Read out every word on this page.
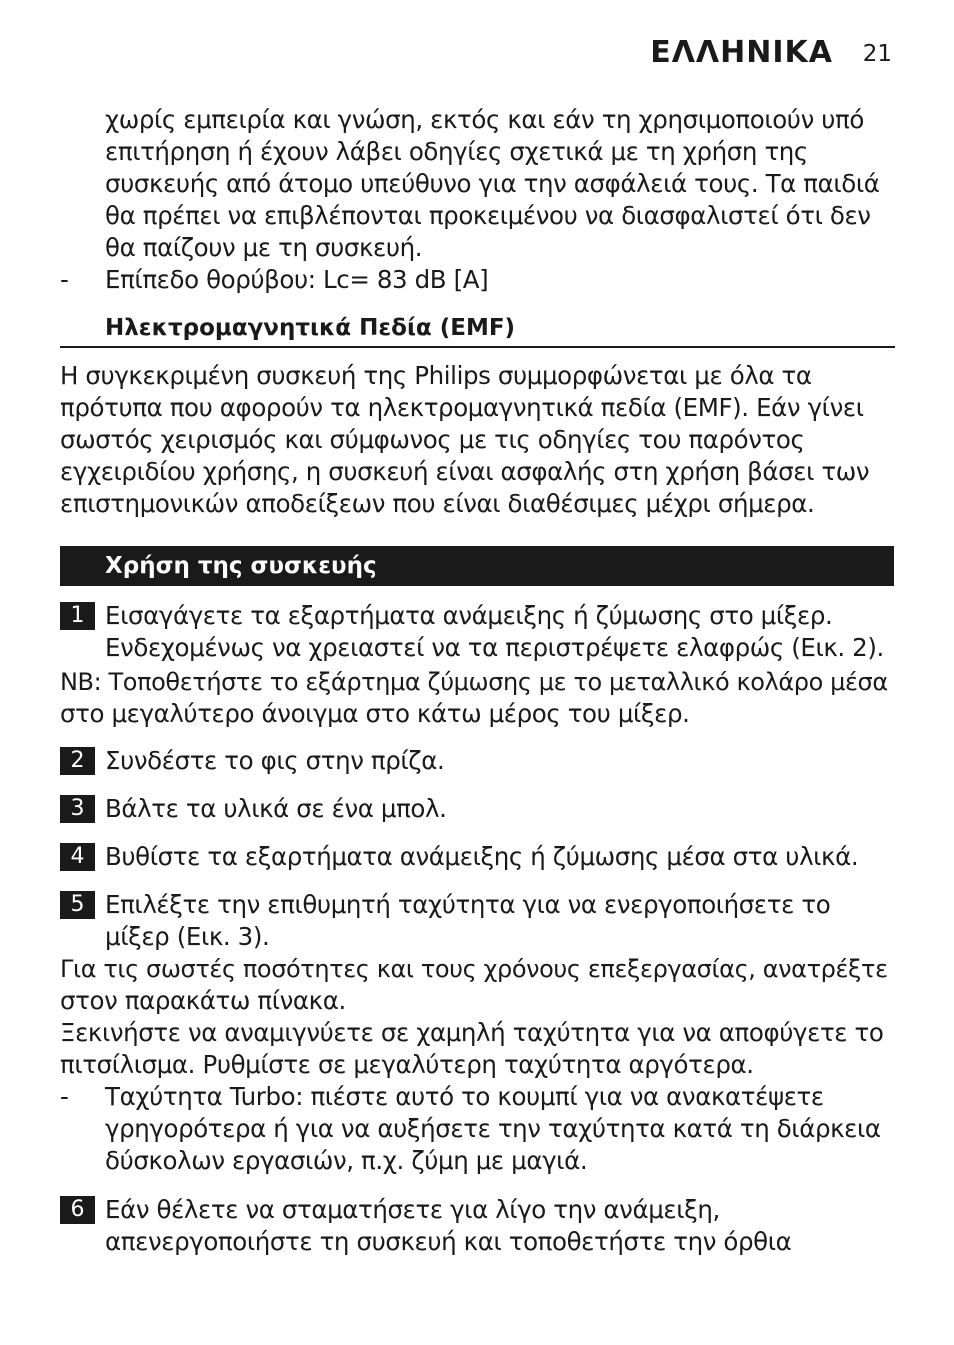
ΕΛΛΗΝΙΚΑ 21
χωρίς εμπειρία και γνώση, εκτός και εάν τη χρησιμοποιούν υπό
επιτήρηση ή έχουν λάβει οδηγίες σχετικά με τη χρήση της
συσκευής από άτομο υπεύθυνο για την ασφάλειά τους. Τα παιδιά
θα πρέπει να επιβλέπονται προκειμένου να διασφαλιστεί ότι δεν
θα παίζουν με τη συσκευή.
- Επίπεδο θορύβου: Lc= 83 dB [A]
Ηλεκτρομαγνητικά Πεδία (EMF)
Η συγκεκριμένη συσκευή της Philips συμμορφώνεται με όλα τα
πρότυπα που αφορούν τα ηλεκτρομαγνητικά πεδία (EMF). Εάν γίνει
σωστός χειρισμός και σύμφωνος με τις οδηγίες του παρόντος
εγχειριδίου χρήσης, η συσκευή είναι ασφαλής στη χρήση βάσει των
επιστημονικών αποδείξεων που είναι διαθέσιμες μέχρι σήμερα.
Χρήση της συσκευής
1 Εισαγάγετε τα εξαρτήματα ανάμειξης ή ζύμωσης στο μίξερ.
Ενδεχομένως να χρειαστεί να τα περιστρέψετε ελαφρώς (Εικ. 2).
NB: Τοποθετήστε το εξάρτημα ζύμωσης με το μεταλλικό κολάρο μέσα
στο μεγαλύτερο άνοιγμα στο κάτω μέρος του μίξερ.
2 Συνδέστε το φις στην πρίζα.
3 Βάλτε τα υλικά σε ένα μπολ.
4 Βυθίστε τα εξαρτήματα ανάμειξης ή ζύμωσης μέσα στα υλικά.
5 Επιλέξτε την επιθυμητή ταχύτητα για να ενεργοποιήσετε το
μίξερ (Εικ. 3).
Για τις σωστές ποσότητες και τους χρόνους επεξεργασίας, ανατρέξτε
στον παρακάτω πίνακα.
Ξεκινήστε να αναμιγνύετε σε χαμηλή ταχύτητα για να αποφύγετε το
πιτσίλισμα. Ρυθμίστε σε μεγαλύτερη ταχύτητα αργότερα.
- Ταχύτητα Turbo: πιέστε αυτό το κουμπί για να ανακατέψετε
γρηγορότερα ή για να αυξήσετε την ταχύτητα κατά τη διάρκεια
δύσκολων εργασιών, π.χ. ζύμη με μαγιά.
6 Εάν θέλετε να σταματήσετε για λίγο την ανάμειξη,
απενεργοποιήστε τη συσκευή και τοποθετήστε την όρθια
